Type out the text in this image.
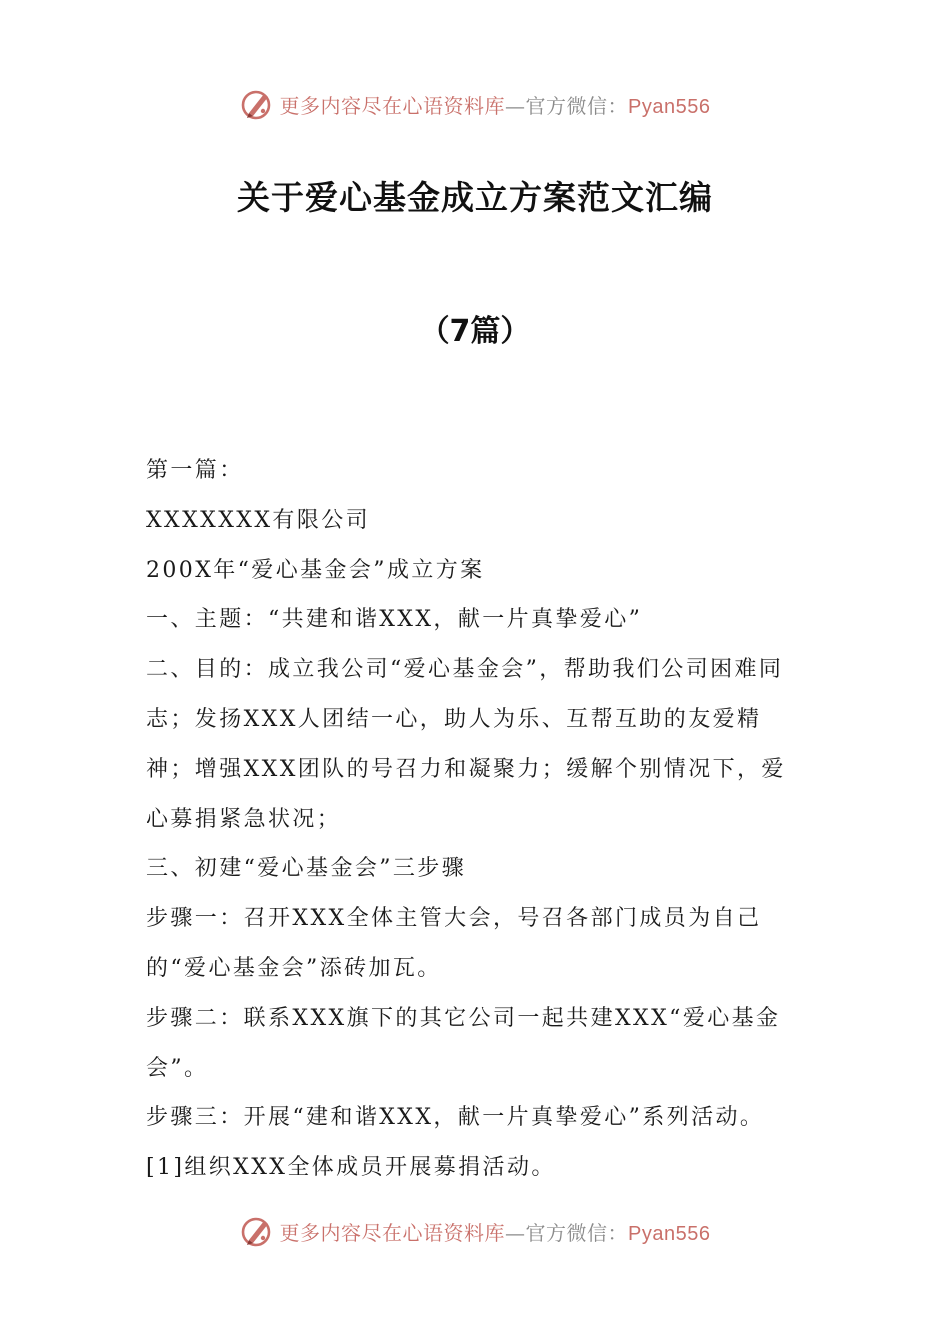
更多内容尽在心语资料库—官方微信：Pyan556
关于爱心基金成立方案范文汇编
（7篇）

第一篇：

XXXXXXX有限公司

200X年“爱心基金会”成立方案

一、主题：“共建和谐XXX，献一片真挚爱心”

二、目的：成立我公司“爱心基金会”，帮助我们公司困难同志；发扬XXX人团结一心，助人为乐、互帮互助的友爱精神；增强XXX团队的号召力和凝聚力；缓解个别情况下，爱心募捐紧急状况；

三、初建“爱心基金会”三步骤

步骤一：召开XXX全体主管大会，号召各部门成员为自己的“爱心基金会”添砖加瓦。

步骤二：联系XXX旗下的其它公司一起共建XXX“爱心基金会”。

步骤三：开展“建和谐XXX，献一片真挚爱心”系列活动。

[1]组织XXX全体成员开展募捐活动。

更多内容尽在心语资料库—官方微信：Pyan556
